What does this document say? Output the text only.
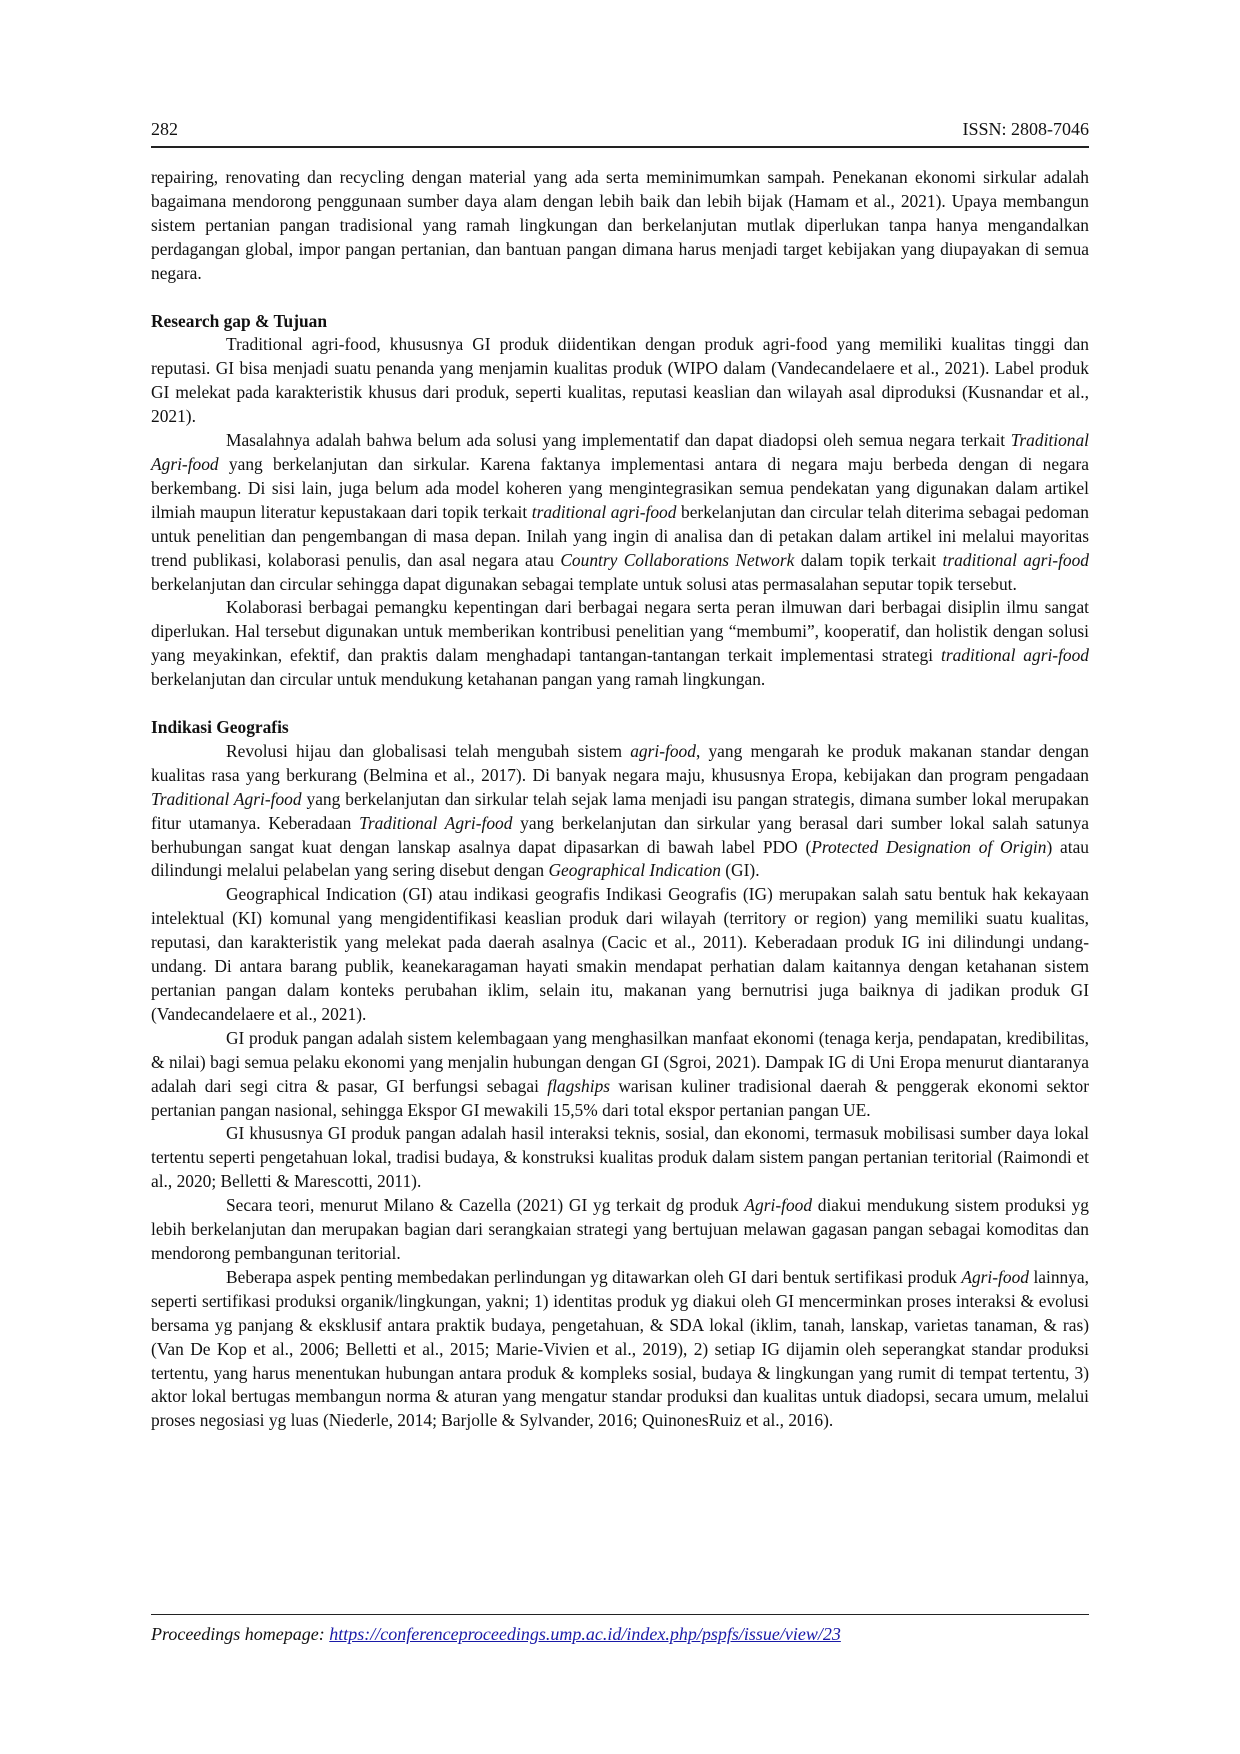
282	ISSN: 2808-7046

repairing, renovating dan recycling dengan material yang ada serta meminimumkan sampah. Penekanan ekonomi sirkular adalah bagaimana mendorong penggunaan sumber daya alam dengan lebih baik dan lebih bijak (Hamam et al., 2021). Upaya membangun sistem pertanian pangan tradisional yang ramah lingkungan dan berkelanjutan mutlak diperlukan tanpa hanya mengandalkan perdagangan global, impor pangan pertanian, dan bantuan pangan dimana harus menjadi target kebijakan yang diupayakan di semua negara.

Research gap & Tujuan

Traditional agri-food, khususnya GI produk diidentikan dengan produk agri-food yang memiliki kualitas tinggi dan reputasi. GI bisa menjadi suatu penanda yang menjamin kualitas produk (WIPO dalam (Vandecandelaere et al., 2021). Label produk GI melekat pada karakteristik khusus dari produk, seperti kualitas, reputasi keaslian dan wilayah asal diproduksi (Kusnandar et al., 2021).

Masalahnya adalah bahwa belum ada solusi yang implementatif dan dapat diadopsi oleh semua negara terkait Traditional Agri-food yang berkelanjutan dan sirkular. Karena faktanya implementasi antara di negara maju berbeda dengan di negara berkembang. Di sisi lain, juga belum ada model koheren yang mengintegrasikan semua pendekatan yang digunakan dalam artikel ilmiah maupun literatur kepustakaan dari topik terkait traditional agri-food berkelanjutan dan circular telah diterima sebagai pedoman untuk penelitian dan pengembangan di masa depan. Inilah yang ingin di analisa dan di petakan dalam artikel ini melalui mayoritas trend publikasi, kolaborasi penulis, dan asal negara atau Country Collaborations Network dalam topik terkait traditional agri-food berkelanjutan dan circular sehingga dapat digunakan sebagai template untuk solusi atas permasalahan seputar topik tersebut.

Kolaborasi berbagai pemangku kepentingan dari berbagai negara serta peran ilmuwan dari berbagai disiplin ilmu sangat diperlukan. Hal tersebut digunakan untuk memberikan kontribusi penelitian yang “membumi”, kooperatif, dan holistik dengan solusi yang meyakinkan, efektif, dan praktis dalam menghadapi tantangan-tantangan terkait implementasi strategi traditional agri-food berkelanjutan dan circular untuk mendukung ketahanan pangan yang ramah lingkungan.

Indikasi Geografis

Revolusi hijau dan globalisasi telah mengubah sistem agri-food, yang mengarah ke produk makanan standar dengan kualitas rasa yang berkurang (Belmina et al., 2017). Di banyak negara maju, khususnya Eropa, kebijakan dan program pengadaan Traditional Agri-food yang berkelanjutan dan sirkular telah sejak lama menjadi isu pangan strategis, dimana sumber lokal merupakan fitur utamanya. Keberadaan Traditional Agri-food yang berkelanjutan dan sirkular yang berasal dari sumber lokal salah satunya berhubungan sangat kuat dengan lanskap asalnya dapat dipasarkan di bawah label PDO (Protected Designation of Origin) atau dilindungi melalui pelabelan yang sering disebut dengan Geographical Indication (GI).

Geographical Indication (GI) atau indikasi geografis Indikasi Geografis (IG) merupakan salah satu bentuk hak kekayaan intelektual (KI) komunal yang mengidentifikasi keaslian produk dari wilayah (territory or region) yang memiliki suatu kualitas, reputasi, dan karakteristik yang melekat pada daerah asalnya (Cacic et al., 2011). Keberadaan produk IG ini dilindungi undang-undang. Di antara barang publik, keanekaragaman hayati smakin mendapat perhatian dalam kaitannya dengan ketahanan sistem pertanian pangan dalam konteks perubahan iklim, selain itu, makanan yang bernutrisi juga baiknya di jadikan produk GI (Vandecandelaere et al., 2021).

GI produk pangan adalah sistem kelembagaan yang menghasilkan manfaat ekonomi (tenaga kerja, pendapatan, kredibilitas, & nilai) bagi semua pelaku ekonomi yang menjalin hubungan dengan GI (Sgroi, 2021). Dampak IG di Uni Eropa menurut diantaranya adalah dari segi citra & pasar, GI berfungsi sebagai flagships warisan kuliner tradisional daerah & penggerak ekonomi sektor pertanian pangan nasional, sehingga Ekspor GI mewakili 15,5% dari total ekspor pertanian pangan UE.

GI khususnya GI produk pangan adalah hasil interaksi teknis, sosial, dan ekonomi, termasuk mobilisasi sumber daya lokal tertentu seperti pengetahuan lokal, tradisi budaya, & konstruksi kualitas produk dalam sistem pangan pertanian teritorial (Raimondi et al., 2020; Belletti & Marescotti, 2011).

Secara teori, menurut Milano & Cazella (2021) GI yg terkait dg produk Agri-food diakui mendukung sistem produksi yg lebih berkelanjutan dan merupakan bagian dari serangkaian strategi yang bertujuan melawan gagasan pangan sebagai komoditas dan mendorong pembangunan teritorial.

Beberapa aspek penting membedakan perlindungan yg ditawarkan oleh GI dari bentuk sertifikasi produk Agri-food lainnya, seperti sertifikasi produksi organik/lingkungan, yakni; 1) identitas produk yg diakui oleh GI mencerminkan proses interaksi & evolusi bersama yg panjang & eksklusif antara praktik budaya, pengetahuan, & SDA lokal (iklim, tanah, lanskap, varietas tanaman, & ras) (Van De Kop et al., 2006; Belletti et al., 2015; Marie-Vivien et al., 2019), 2) setiap IG dijamin oleh seperangkat standar produksi tertentu, yang harus menentukan hubungan antara produk & kompleks sosial, budaya & lingkungan yang rumit di tempat tertentu, 3) aktor lokal bertugas membangun norma & aturan yang mengatur standar produksi dan kualitas untuk diadopsi, secara umum, melalui proses negosiasi yg luas (Niederle, 2014; Barjolle & Sylvander, 2016; QuinonesRuiz et al., 2016).

Proceedings homepage: https://conferenceproceedings.ump.ac.id/index.php/pspfs/issue/view/23
